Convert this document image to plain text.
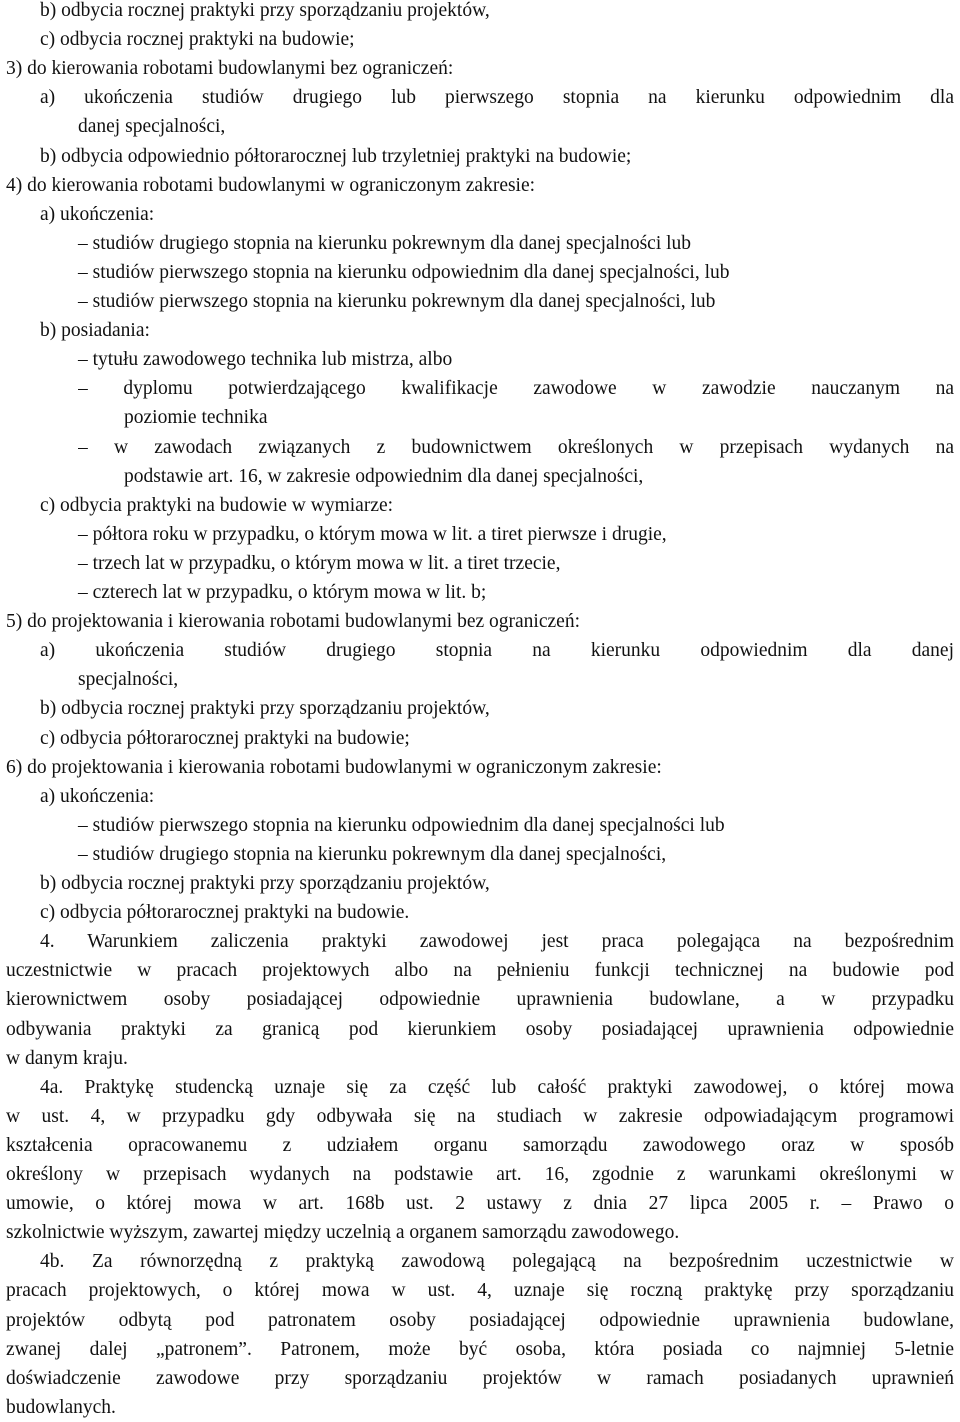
b) odbycia rocznej praktyki przy sporządzaniu projektów,
c) odbycia rocznej praktyki na budowie;
3) do kierowania robotami budowlanymi bez ograniczeń:
a) ukończenia studiów drugiego lub pierwszego stopnia na kierunku odpowiednim dla
danej specjalności,
b) odbycia odpowiednio półtorarocznej lub trzyletniej praktyki na budowie;
4) do kierowania robotami budowlanymi w ograniczonym zakresie:
a) ukończenia:
– studiów drugiego stopnia na kierunku pokrewnym dla danej specjalności lub
– studiów pierwszego stopnia na kierunku odpowiednim dla danej specjalności, lub
– studiów pierwszego stopnia na kierunku pokrewnym dla danej specjalności, lub
b) posiadania:
– tytułu zawodowego technika lub mistrza, albo
– dyplomu potwierdzającego kwalifikacje zawodowe w zawodzie nauczanym na
poziomie technika
– w zawodach związanych z budownictwem określonych w przepisach wydanych na
podstawie art. 16, w zakresie odpowiednim dla danej specjalności,
c) odbycia praktyki na budowie w wymiarze:
– półtora roku w przypadku, o którym mowa w lit. a tiret pierwsze i drugie,
– trzech lat w przypadku, o którym mowa w lit. a tiret trzecie,
– czterech lat w przypadku, o którym mowa w lit. b;
5) do projektowania i kierowania robotami budowlanymi bez ograniczeń:
a) ukończenia studiów drugiego stopnia na kierunku odpowiednim dla danej
specjalności,
b) odbycia rocznej praktyki przy sporządzaniu projektów,
c) odbycia półtorarocznej praktyki na budowie;
6) do projektowania i kierowania robotami budowlanymi w ograniczonym zakresie:
a) ukończenia:
– studiów pierwszego stopnia na kierunku odpowiednim dla danej specjalności lub
– studiów drugiego stopnia na kierunku pokrewnym dla danej specjalności,
b) odbycia rocznej praktyki przy sporządzaniu projektów,
c) odbycia półtorarocznej praktyki na budowie.
4. Warunkiem zaliczenia praktyki zawodowej jest praca polegająca na bezpośrednim
uczestnictwie w pracach projektowych albo na pełnieniu funkcji technicznej na budowie pod
kierownictwem osoby posiadającej odpowiednie uprawnienia budowlane, a w przypadku
odbywania praktyki za granicą pod kierunkiem osoby posiadającej uprawnienia odpowiednie
w danym kraju.
4a. Praktykę studencką uznaje się za część lub całość praktyki zawodowej, o której mowa
w ust. 4, w przypadku gdy odbywała się na studiach w zakresie odpowiadającym programowi
kształcenia opracowanemu z udziałem organu samorządu zawodowego oraz w sposób
określony w przepisach wydanych na podstawie art. 16, zgodnie z warunkami określonymi w
umowie, o której mowa w art. 168b ust. 2 ustawy z dnia 27 lipca 2005 r. – Prawo o
szkolnictwie wyższym, zawartej między uczelnią a organem samorządu zawodowego.
4b. Za równorzędną z praktyką zawodową polegającą na bezpośrednim uczestnictwie w
pracach projektowych, o której mowa w ust. 4, uznaje się roczną praktykę przy sporządzaniu
projektów odbytą pod patronatem osoby posiadającej odpowiednie uprawnienia budowlane,
zwanej dalej „patronem”. Patronem, może być osoba, która posiada co najmniej 5-letnie
doświadczenie zawodowe przy sporządzaniu projektów w ramach posiadanych uprawnień
budowlanych.
